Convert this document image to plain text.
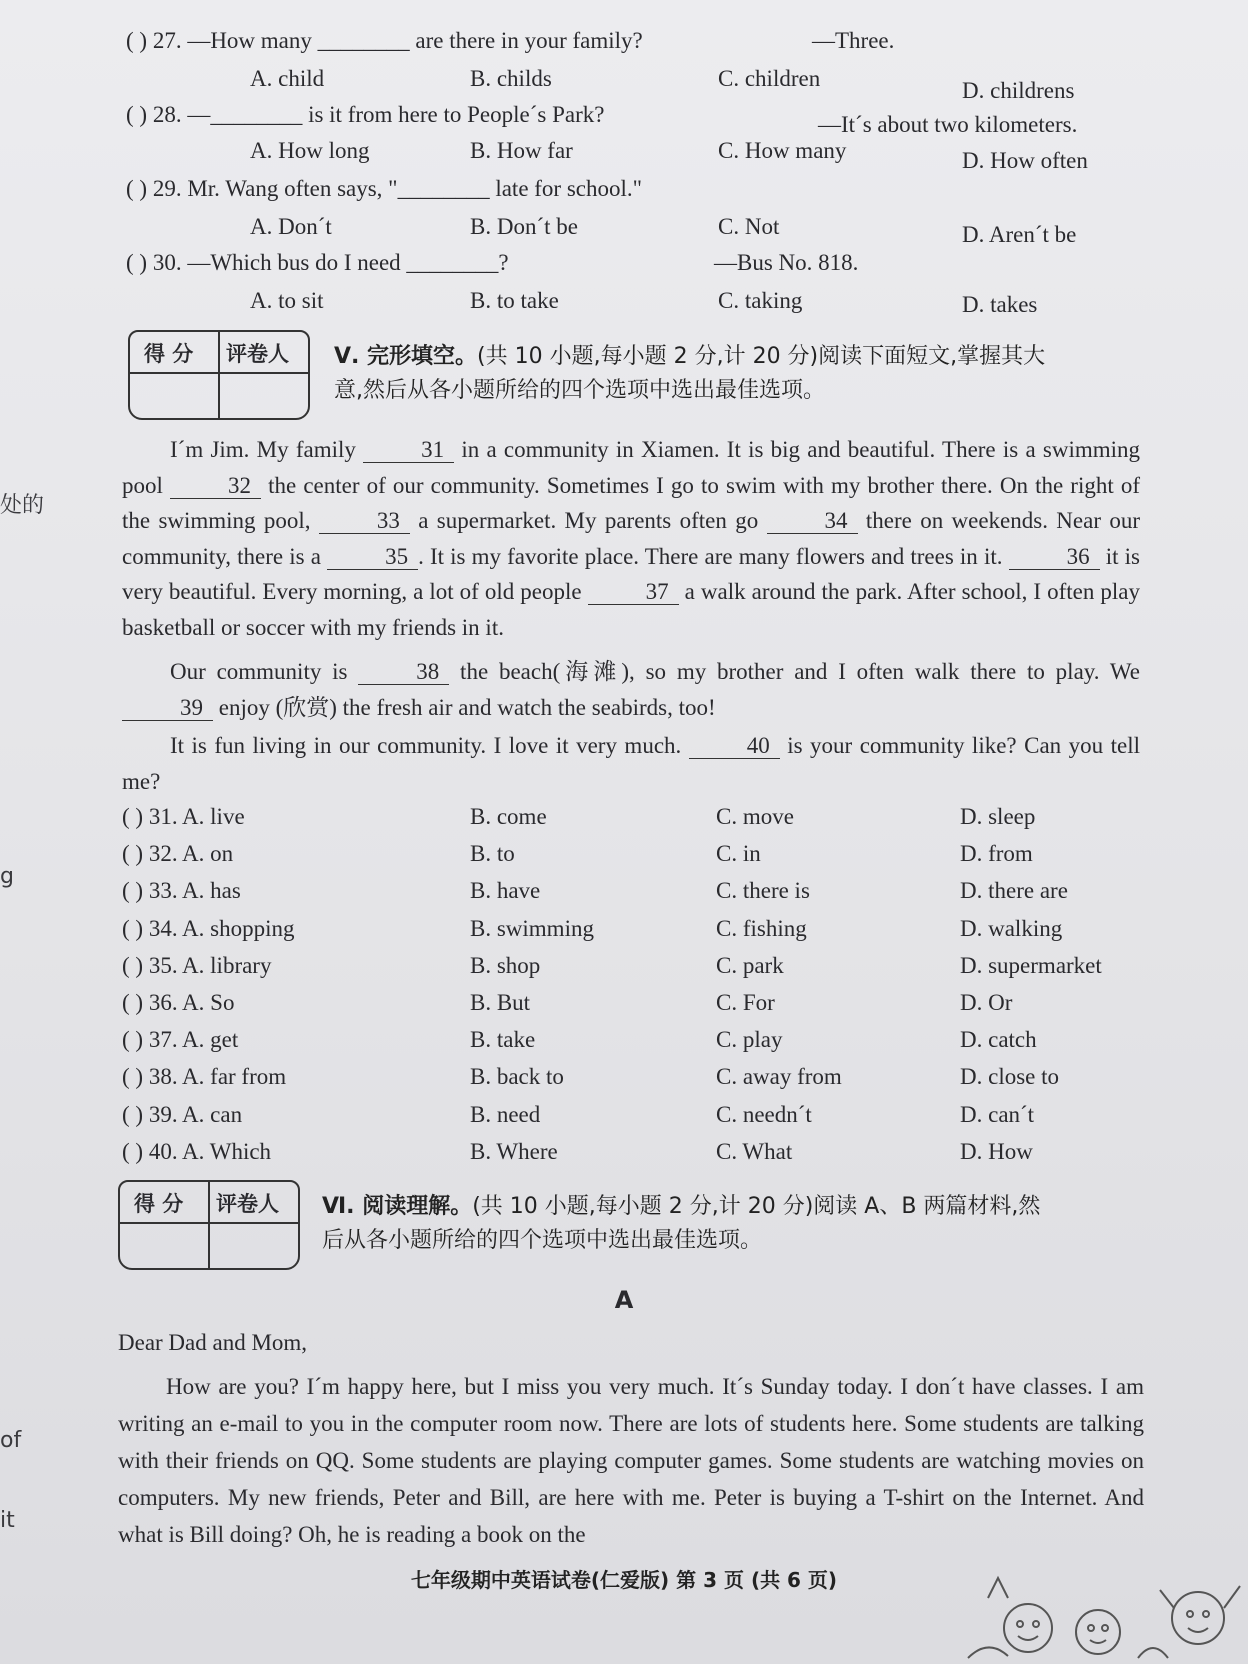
处的
g
of
it
( ) 27. —How many ________ are there in your family?	—Three.
A. child	B. childs	C. children	D. childrens
( ) 28. —________ is it from here to People´s Park?	—It´s about two kilometers.
A. How long	B. How far	C. How many	D. How often
( ) 29. Mr. Wang often says, "________ late for school."
A. Don´t	B. Don´t be	C. Not	D. Aren´t be
( ) 30. —Which bus do I need ________?	—Bus No. 818.
A. to sit	B. to take	C. taking	D. takes
得 分 评卷人 Ⅴ. 完形填空。(共 10 小题,每小题 2 分,计 20 分)阅读下面短文,掌握其大
意,然后从各小题所给的四个选项中选出最佳选项。
I´m Jim. My family	31 in a community in Xiamen. It is big and beautiful. There is a swimming pool	32 the center of our community. Sometimes I go to swim with my brother there. On the right of the swimming pool,	33 a supermarket. My parents often go	34 there on weekends. Near our community, there is a	35 . It is my favorite place. There are many flowers and trees in it.	36 it is very beautiful. Every morning, a lot of old people	37 a walk around the park. After school, I often play basketball or soccer with my friends in it.
Our community is	38 the beach(海滩), so my brother and I often walk there to play. We 39 enjoy (欣赏) the fresh air and watch the seabirds, too!
It is fun living in our community. I love it very much.	40 is your community like? Can you tell me?
( ) 31. A. live	B. come	C. move	D. sleep
( ) 32. A. on	B. to	C. in	D. from
( ) 33. A. has	B. have	C. there is	D. there are
( ) 34. A. shopping	B. swimming	C. fishing	D. walking
( ) 35. A. library	B. shop	C. park	D. supermarket
( ) 36. A. So	B. But	C. For	D. Or
( ) 37. A. get	B. take	C. play	D. catch
( ) 38. A. far from	B. back to	C. away from	D. close to
( ) 39. A. can	B. need	C. needn´t	D. can´t
( ) 40. A. Which	B. Where	C. What	D. How
得 分 评卷人 Ⅵ. 阅读理解。(共 10 小题,每小题 2 分,计 20 分)阅读 A、B 两篇材料,然
后从各小题所给的四个选项中选出最佳选项。
A
Dear Dad and Mom,
How are you? I´m happy here, but I miss you very much. It´s Sunday today. I don´t have classes. I am writing an e-mail to you in the computer room now. There are lots of students here. Some students are talking with their friends on QQ. Some students are playing computer games. Some students are watching movies on computers. My new friends, Peter and Bill, are here with me. Peter is buying a T-shirt on the Internet. And what is Bill doing? Oh, he is reading a book on the
七年级期中英语试卷(仁爱版) 第 3 页 (共 6 页)
